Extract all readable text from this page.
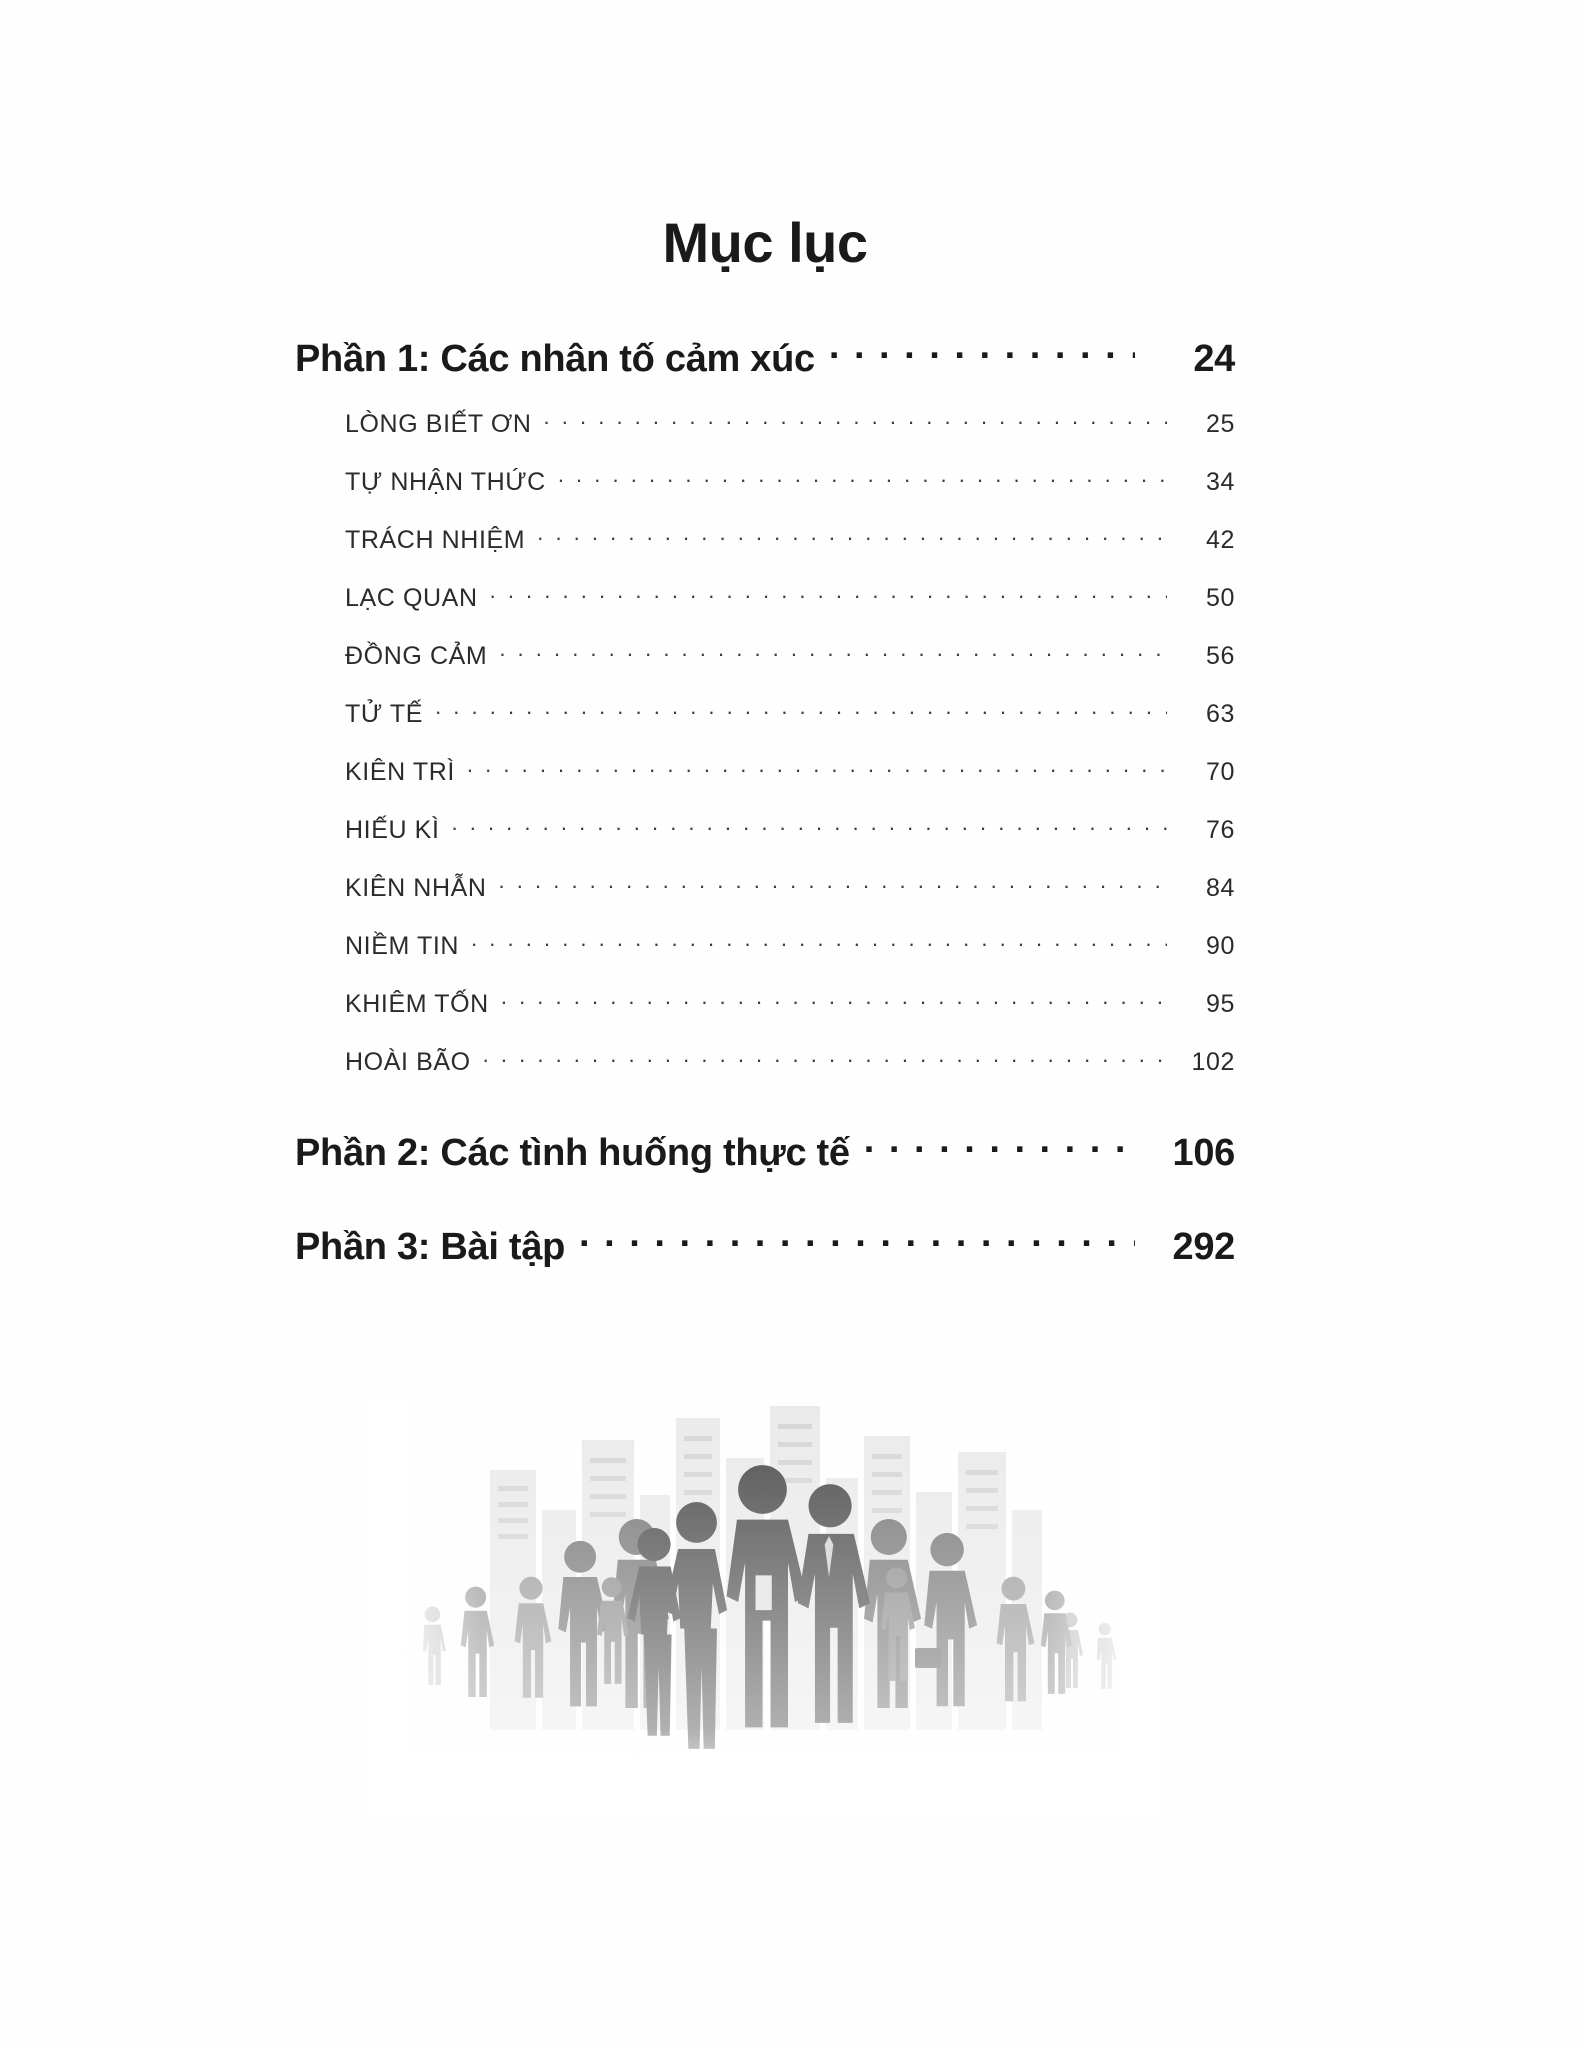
Mục lục
Phần 1: Các nhân tố cảm xúc . . .	24
LÒNG BIẾT ƠN . . .	25
TỰ NHẬN THỨC . . .	34
TRÁCH NHIỆM . . .	42
LẠC QUAN . . .	50
ĐỒNG CẢM . . .	56
TỬ TẾ . . .	63
KIÊN TRÌ . . .	70
HIẾU KÌ . . .	76
KIÊN NHẪN . . .	84
NIỀM TIN . . .	90
KHIÊM TỐN . . .	95
HOÀI BÃO . . .	102
Phần 2: Các tình huống thực tế . . .	106
Phần 3: Bài tập . . .	292
